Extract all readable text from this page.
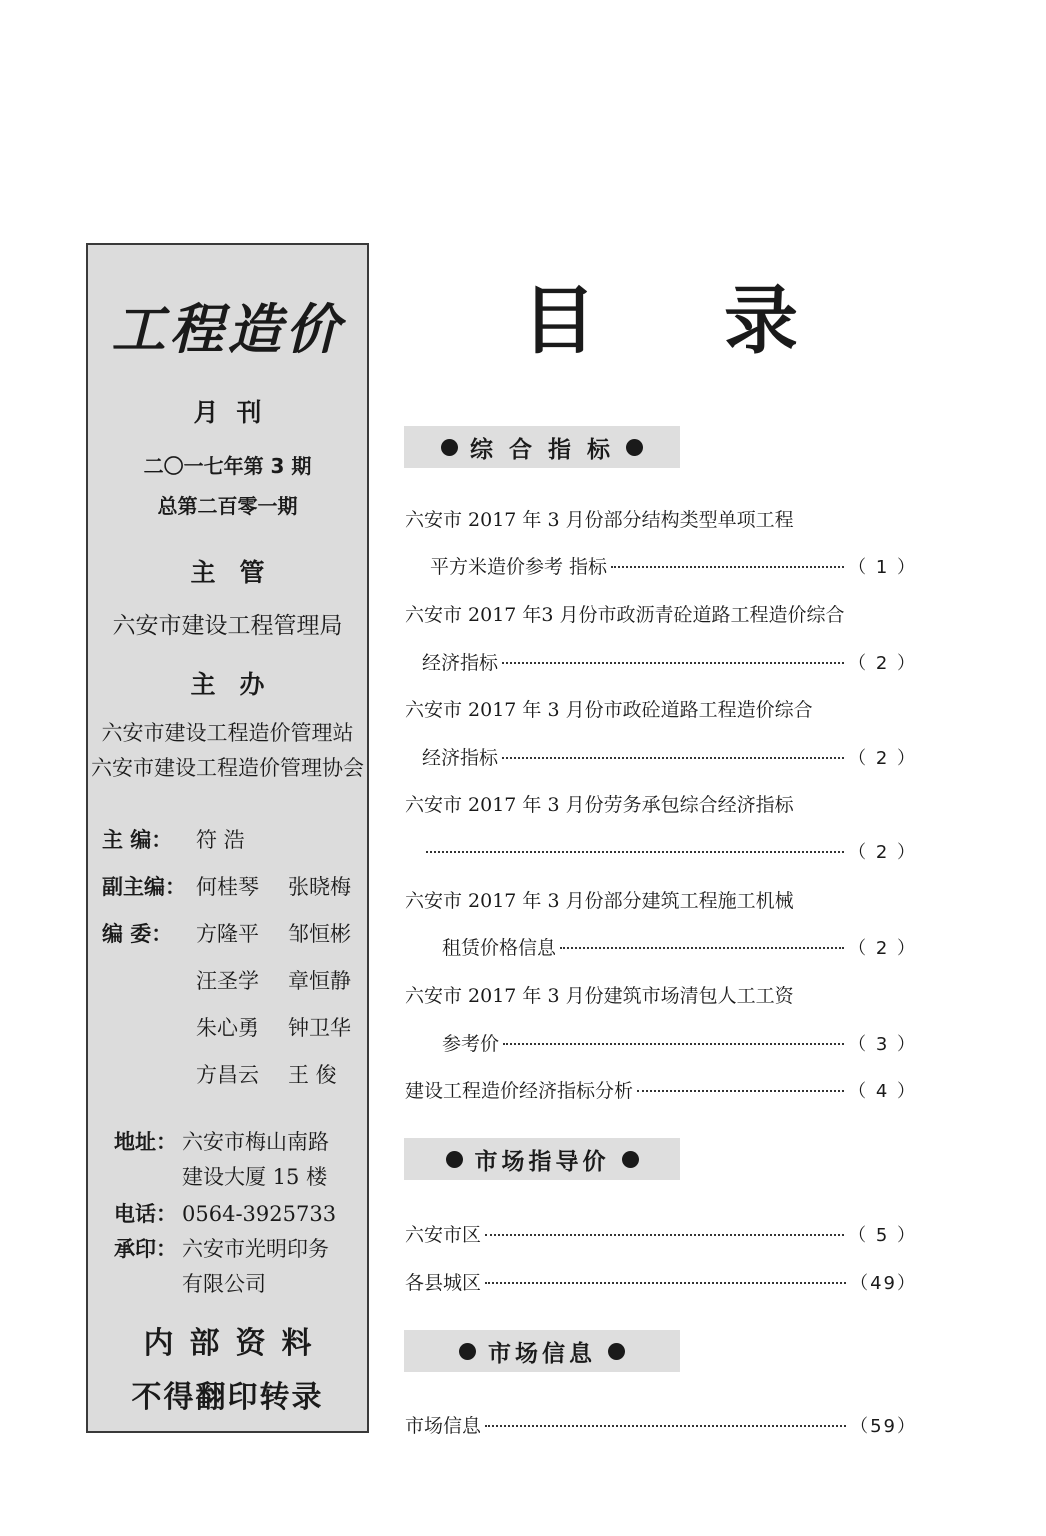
工程造价
月刊
二〇一七年第 3 期
总第二百零一期
主管
六安市建设工程管理局
主办
六安市建设工程造价管理站
六安市建设工程造价管理协会
主 编： 符 浩
副主编： 何桂琴 张晓梅
编 委： 方隆平 邹恒彬
汪圣学 章恒静
朱心勇 钟卫华
方昌云 王 俊
地址： 六安市梅山南路
建设大厦 15 楼
电话： 0564-3925733
承印： 六安市光明印务
有限公司
内部资料
不得翻印转录
目录
综 合 指 标
六安市 2017 年 3 月份部分结构类型单项工程
平方米造价参考 指标	（ 1 ）
六安市 2017 年3 月份市政沥青砼道路工程造价综合
经济指标	（ 2 ）
六安市 2017 年 3 月份市政砼道路工程造价综合
经济指标	（ 2 ）
六安市 2017 年 3 月份劳务承包综合经济指标
（ 2 ）
六安市 2017 年 3 月份部分建筑工程施工机械
租赁价格信息	（ 2 ）
六安市 2017 年 3 月份建筑市场清包人工工资
参考价	（ 3 ）
建设工程造价经济指标分析	（ 4 ）
市场指导价
六安市区	（ 5 ）
各县城区	（49）
市场信息
市场信息	（59）
